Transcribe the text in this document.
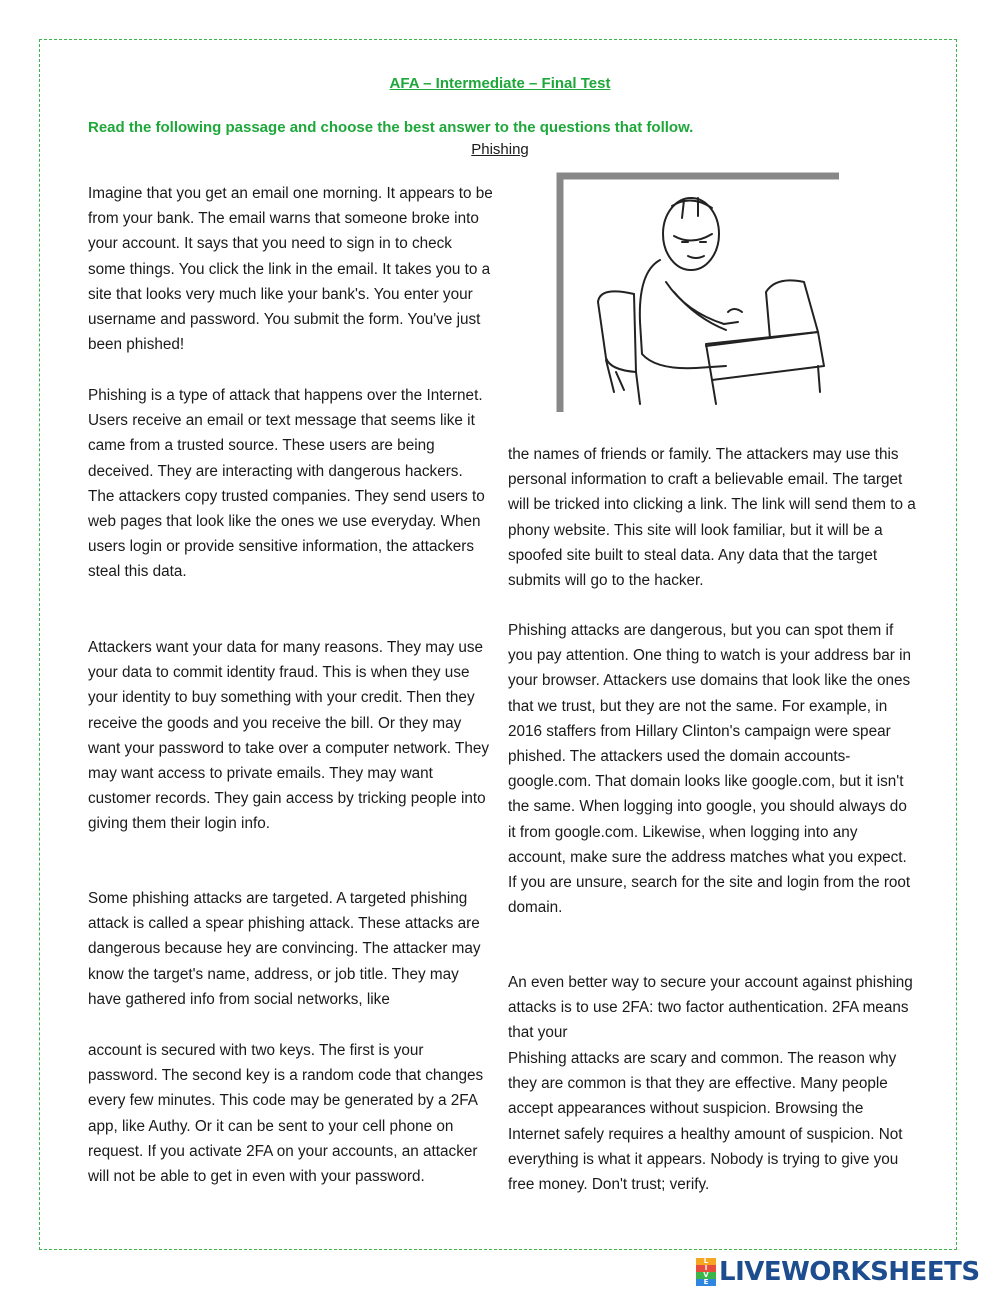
AFA – Intermediate – Final Test
Read the following passage and choose the best answer to the questions that follow.
Phishing

Imagine that you get an email one morning. It appears to be from your bank. The email warns that someone broke into your account. It says that you need to sign in to check some things. You click the link in the email. It takes you to a site that looks very much like your bank's. You enter your username and password. You submit the form. You've just been phished!

Phishing is a type of attack that happens over the Internet. Users receive an email or text message that seems like it came from a trusted source. These users are being deceived. They are interacting with dangerous hackers. The attackers copy trusted companies. They send users to web pages that look like the ones we use everyday. When users login or provide sensitive information, the attackers steal this data.

Attackers want your data for many reasons. They may use your data to commit identity fraud. This is when they use your identity to buy something with your credit. Then they receive the goods and you receive the bill. Or they may want your password to take over a computer network. They may want access to private emails. They may want customer records. They gain access by tricking people into giving them their login info.

Some phishing attacks are targeted. A targeted phishing attack is called a spear phishing attack. These attacks are dangerous because hey are convincing. The attacker may know the target's name, address, or job title. They may have gathered info from social networks, like

account is secured with two keys. The first is your password. The second key is a random code that changes every few minutes. This code may be generated by a 2FA app, like Authy. Or it can be sent to your cell phone on request. If you activate 2FA on your accounts, an attacker will not be able to get in even with your password.

the names of friends or family. The attackers may use this personal information to craft a believable email. The target will be tricked into clicking a link. The link will send them to a phony website. This site will look familiar, but it will be a spoofed site built to steal data. Any data that the target submits will go to the hacker.

Phishing attacks are dangerous, but you can spot them if you pay attention. One thing to watch is your address bar in your browser. Attackers use domains that look like the ones that we trust, but they are not the same. For example, in 2016 staffers from Hillary Clinton's campaign were spear phished. The attackers used the domain accounts-google.com. That domain looks like google.com, but it isn't the same. When logging into google, you should always do it from google.com. Likewise, when logging into any account, make sure the address matches what you expect. If you are unsure, search for the site and login from the root domain.

An even better way to secure your account against phishing attacks is to use 2FA: two factor authentication. 2FA means that your

Phishing attacks are scary and common. The reason why they are common is that they are effective. Many people accept appearances without suspicion. Browsing the Internet safely requires a healthy amount of suspicion. Not everything is what it appears. Nobody is trying to give you free money. Don't trust; verify.

L
I
V
E LIVEWORKSHEETS
